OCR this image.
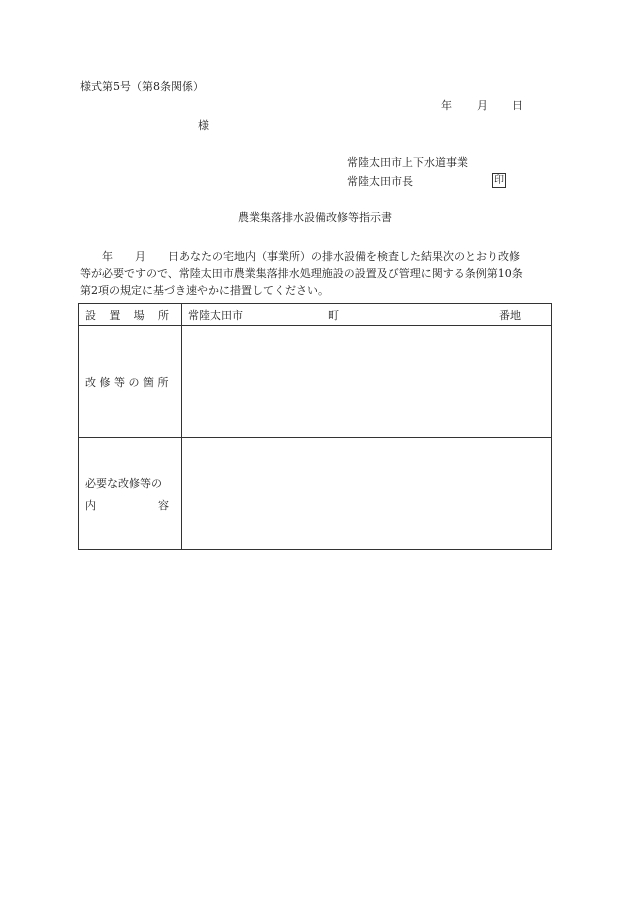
様式第5号（第8条関係）
年 月 日
様
常陸太田市上下水道事業
常陸太田市長	印
農業集落排水設備改修等指示書
　　年　　月　　日あなたの宅地内（事業所）の排水設備を検査した結果次のとおり改修
等が必要ですので、常陸太田市農業集落排水処理施設の設置及び管理に関する条例第10条
第2項の規定に基づき速やかに措置してください。
設 置 場 所	常陸太田市 町 番地

改 修 等 の 箇 所	

必要な改修等の
内 容	
